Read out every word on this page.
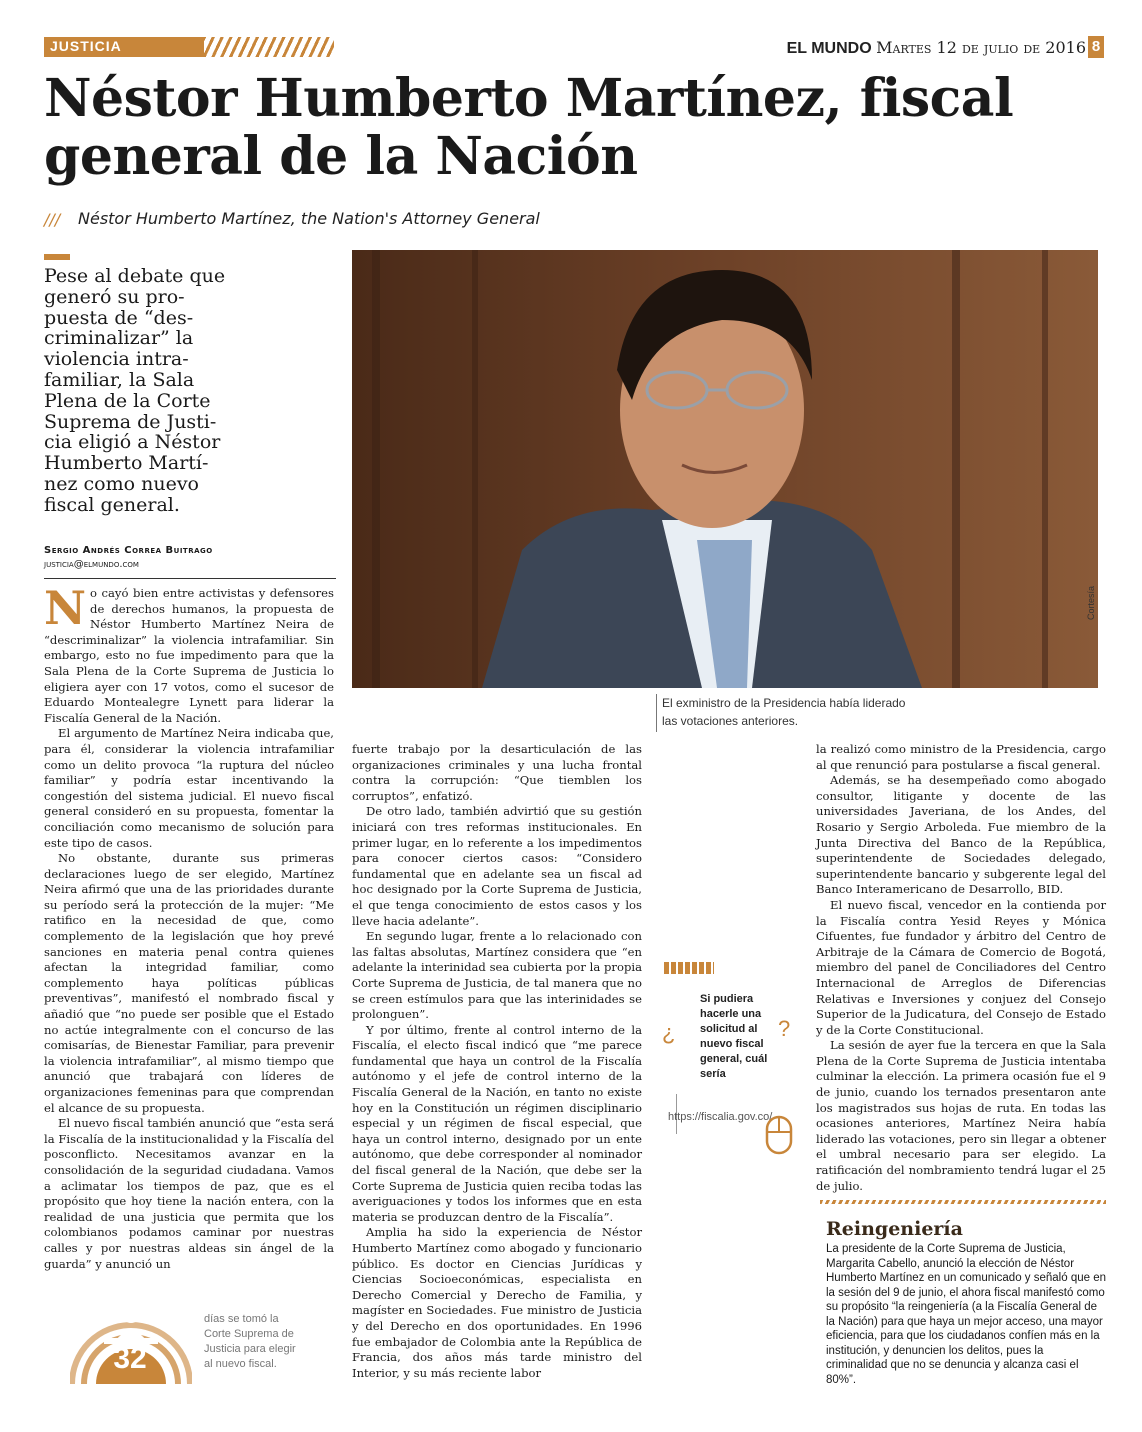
JUSTICIA	EL MUNDO Martes 12 de julio de 2016 8
Néstor Humberto Martínez, fiscal general de la Nación
/// Néstor Humberto Martínez, the Nation's Attorney General
Pese al debate que generó su pro- puesta de “des- criminalizar” la violencia intra- familiar, la Sala Plena de la Corte Suprema de Justi- cia eligió a Néstor Humberto Martí- nez como nuevo fiscal general.
Sergio Andrés Correa Buitrago
justicia@elmundo.com
Cortesía
El exministro de la Presidencia había liderado las votaciones anteriores.

No cayó bien entre activistas y defensores de derechos humanos, la propuesta de Néstor Humberto Martínez Neira de “descriminalizar” la violencia intrafamiliar. Sin embargo, esto no fue impedimento para que la Sala Plena de la Corte Suprema de Justicia lo eligiera ayer con 17 votos, como el sucesor de Eduardo Montealegre Lynett para liderar la Fiscalía General de la Nación.

El argumento de Martínez Neira indicaba que, para él, considerar la violencia intrafamiliar como un delito provoca “la ruptura del núcleo familiar” y podría estar incentivando la congestión del sistema judicial. El nuevo fiscal general consideró en su propuesta, fomentar la conciliación como mecanismo de solución para este tipo de casos.

No obstante, durante sus primeras declaraciones luego de ser elegido, Martínez Neira afirmó que una de las prioridades durante su período será la protección de la mujer: “Me ratifico en la necesidad de que, como complemento de la legislación que hoy prevé sanciones en materia penal contra quienes afectan la integridad familiar, como complemento haya políticas públicas preventivas”, manifestó el nombrado fiscal y añadió que “no puede ser posible que el Estado no actúe integralmente con el concurso de las comisarías, de Bienestar Familiar, para prevenir la violencia intrafamiliar”, al mismo tiempo que anunció que trabajará con líderes de organizaciones femeninas para que comprendan el alcance de su propuesta.

El nuevo fiscal también anunció que “esta será la Fiscalía de la institucionalidad y la Fiscalía del posconflicto. Necesitamos avanzar en la consolidación de la seguridad ciudadana. Vamos a aclimatar los tiempos de paz, que es el propósito que hoy tiene la nación entera, con la realidad de una justicia que permita que los colombianos podamos caminar por nuestras calles y por nuestras aldeas sin ángel de la guarda” y anunció un

fuerte trabajo por la desarticulación de las organizaciones criminales y una lucha frontal contra la corrupción: “Que tiemblen los corruptos”, enfatizó.

De otro lado, también advirtió que su gestión iniciará con tres reformas institucionales. En primer lugar, en lo referente a los impedimentos para conocer ciertos casos: “Considero fundamental que en adelante sea un fiscal ad hoc designado por la Corte Suprema de Justicia, el que tenga conocimiento de estos casos y los lleve hacia adelante”.

En segundo lugar, frente a lo relacionado con las faltas absolutas, Martínez considera que “en adelante la interinidad sea cubierta por la propia Corte Suprema de Justicia, de tal manera que no se creen estímulos para que las interinidades se prolonguen”.

Y por último, frente al control interno de la Fiscalía, el electo fiscal indicó que “me parece fundamental que haya un control de la Fiscalía autónomo y el jefe de control interno de la Fiscalía General de la Nación, en tanto no existe hoy en la Constitución un régimen disciplinario especial y un régimen de fiscal especial, que haya un control interno, designado por un ente autónomo, que debe corresponder al nominador del fiscal general de la Nación, que debe ser la Corte Suprema de Justicia quien reciba todas las averiguaciones y todos los informes que en esta materia se produzcan dentro de la Fiscalía”.

Amplia ha sido la experiencia de Néstor Humberto Martínez como abogado y funcionario público. Es doctor en Ciencias Jurídicas y Ciencias Socioeconómicas, especialista en Derecho Comercial y Derecho de Familia, y magíster en Sociedades. Fue ministro de Justicia y del Derecho en dos oportunidades. En 1996 fue embajador de Colombia ante la República de Francia, dos años más tarde ministro del Interior, y su más reciente labor

la realizó como ministro de la Presidencia, cargo al que renunció para postularse a fiscal general.

Además, se ha desempeñado como abogado consultor, litigante y docente de las universidades Javeriana, de los Andes, del Rosario y Sergio Arboleda. Fue miembro de la Junta Directiva del Banco de la República, superintendente de Sociedades delegado, superintendente bancario y subgerente legal del Banco Interamericano de Desarrollo, BID.

El nuevo fiscal, vencedor en la contienda por la Fiscalía contra Yesid Reyes y Mónica Cifuentes, fue fundador y árbitro del Centro de Arbitraje de la Cámara de Comercio de Bogotá, miembro del panel de Conciliadores del Centro Internacional de Arreglos de Diferencias Relativas e Inversiones y conjuez del Consejo Superior de la Judicatura, del Consejo de Estado y de la Corte Constitucional.

La sesión de ayer fue la tercera en que la Sala Plena de la Corte Suprema de Justicia intentaba culminar la elección. La primera ocasión fue el 9 de junio, cuando los ternados presentaron ante los magistrados sus hojas de ruta. En todas las ocasiones anteriores, Martínez Neira había liderado las votaciones, pero sin llegar a obtener el umbral necesario para ser elegido. La ratificación del nombramiento tendrá lugar el 25 de julio.

¿
Si pudiera hacerle una solicitud al nuevo fiscal general, cuál sería
?
https://fiscalia.gov.co/
32
días se tomó la Corte Suprema de Justicia para elegir al nuevo fiscal.
Reingeniería
La presidente de la Corte Suprema de Justicia, Margarita Cabello, anunció la elección de Néstor Humberto Martínez en un comunicado y señaló que en la sesión del 9 de junio, el ahora fiscal manifestó como su propósito “la reingeniería (a la Fiscalía General de la Nación) para que haya un mejor acceso, una mayor eficiencia, para que los ciudadanos confíen más en la institución, y denuncien los delitos, pues la criminalidad que no se denuncia y alcanza casi el 80%”.
